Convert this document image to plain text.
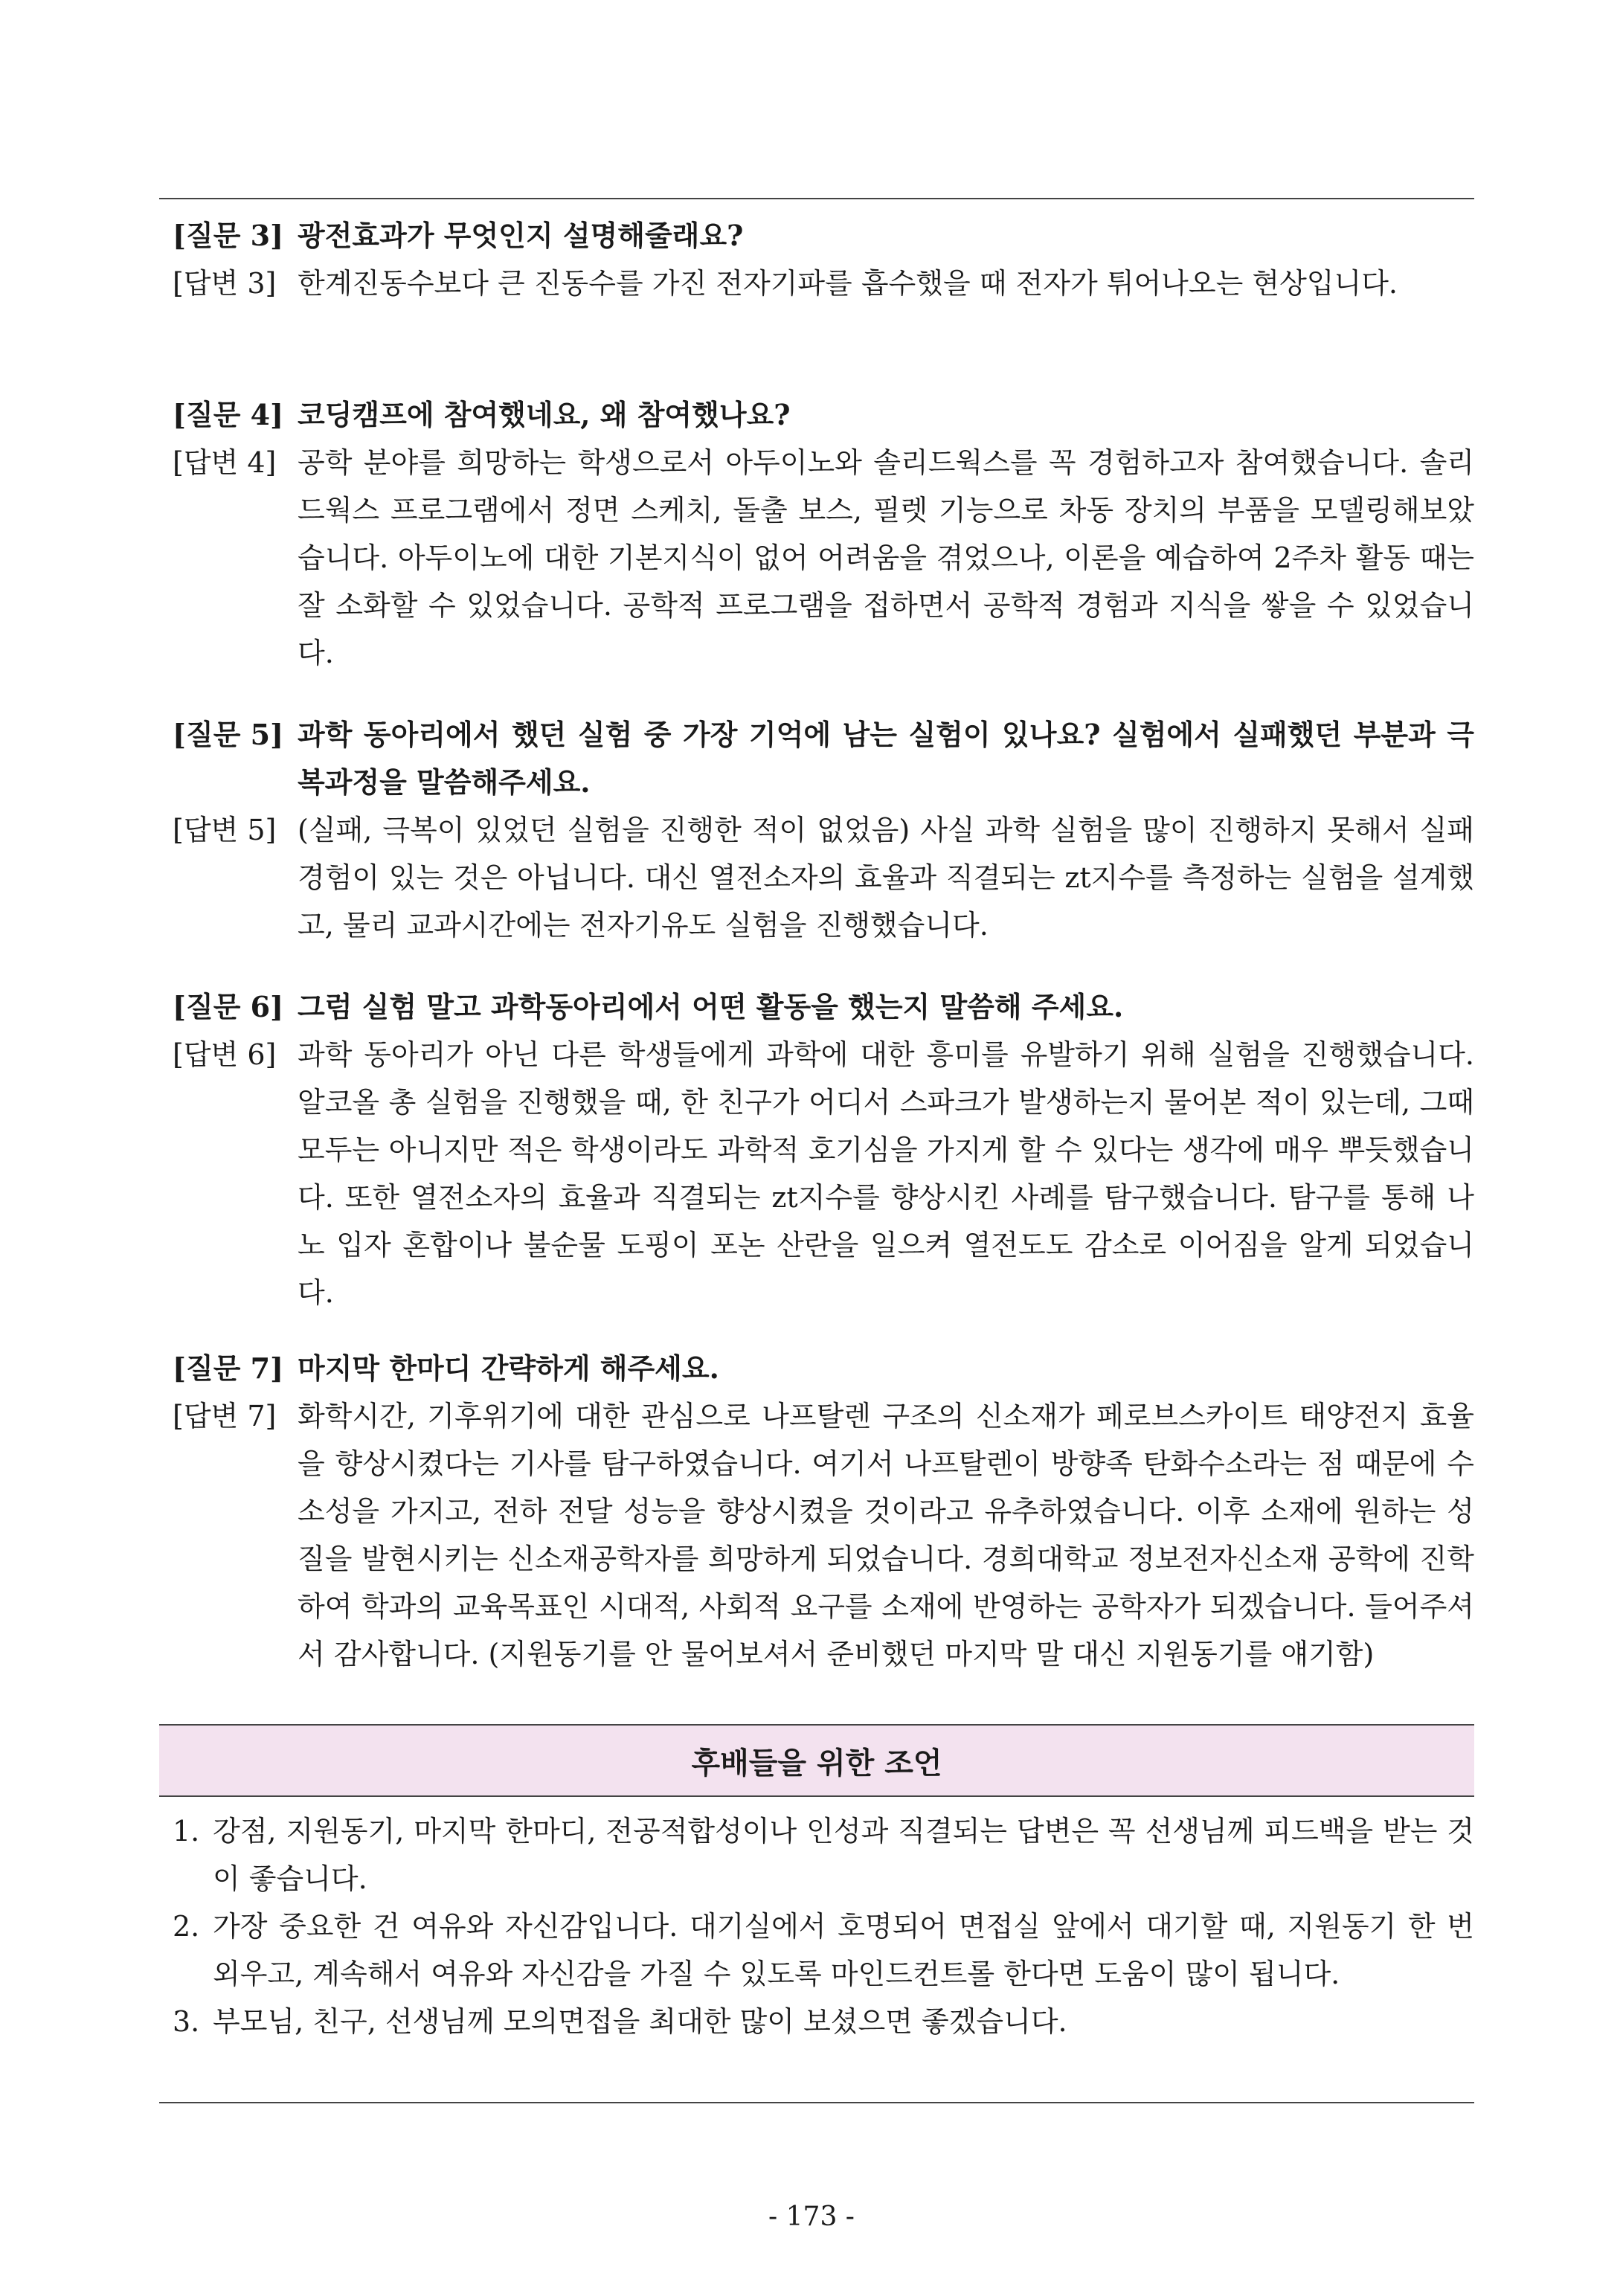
[질문 3] 광전효과가 무엇인지 설명해줄래요?
[답변 3] 한계진동수보다 큰 진동수를 가진 전자기파를 흡수했을 때 전자가 튀어나오는 현상입니다.
[질문 4] 코딩캠프에 참여했네요, 왜 참여했나요?
[답변 4] 공학 분야를 희망하는 학생으로서 아두이노와 솔리드웍스를 꼭 경험하고자 참여했습니다. 솔리드웍스 프로그램에서 정면 스케치, 돌출 보스, 필렛 기능으로 차동 장치의 부품을 모델링해보았습니다. 아두이노에 대한 기본지식이 없어 어려움을 겪었으나, 이론을 예습하여 2주차 활동 때는 잘 소화할 수 있었습니다. 공학적 프로그램을 접하면서 공학적 경험과 지식을 쌓을 수 있었습니다.
[질문 5] 과학 동아리에서 했던 실험 중 가장 기억에 남는 실험이 있나요? 실험에서 실패했던 부분과 극복과정을 말씀해주세요.
[답변 5] (실패, 극복이 있었던 실험을 진행한 적이 없었음) 사실 과학 실험을 많이 진행하지 못해서 실패 경험이 있는 것은 아닙니다. 대신 열전소자의 효율과 직결되는 zt지수를 측정하는 실험을 설계했고, 물리 교과시간에는 전자기유도 실험을 진행했습니다.
[질문 6] 그럼 실험 말고 과학동아리에서 어떤 활동을 했는지 말씀해 주세요.
[답변 6] 과학 동아리가 아닌 다른 학생들에게 과학에 대한 흥미를 유발하기 위해 실험을 진행했습니다. 알코올 총 실험을 진행했을 때, 한 친구가 어디서 스파크가 발생하는지 물어본 적이 있는데, 그때 모두는 아니지만 적은 학생이라도 과학적 호기심을 가지게 할 수 있다는 생각에 매우 뿌듯했습니다. 또한 열전소자의 효율과 직결되는 zt지수를 향상시킨 사례를 탐구했습니다. 탐구를 통해 나노 입자 혼합이나 불순물 도핑이 포논 산란을 일으켜 열전도도 감소로 이어짐을 알게 되었습니다.
[질문 7] 마지막 한마디 간략하게 해주세요.
[답변 7] 화학시간, 기후위기에 대한 관심으로 나프탈렌 구조의 신소재가 페로브스카이트 태양전지 효율을 향상시켰다는 기사를 탐구하였습니다. 여기서 나프탈렌이 방향족 탄화수소라는 점 때문에 수소성을 가지고, 전하 전달 성능을 향상시켰을 것이라고 유추하였습니다. 이후 소재에 원하는 성질을 발현시키는 신소재공학자를 희망하게 되었습니다. 경희대학교 정보전자신소재 공학에 진학하여 학과의 교육목표인 시대적, 사회적 요구를 소재에 반영하는 공학자가 되겠습니다. 들어주셔서 감사합니다. (지원동기를 안 물어보셔서 준비했던 마지막 말 대신 지원동기를 얘기함)
후배들을 위한 조언
1. 강점, 지원동기, 마지막 한마디, 전공적합성이나 인성과 직결되는 답변은 꼭 선생님께 피드백을 받는 것이 좋습니다.
2. 가장 중요한 건 여유와 자신감입니다. 대기실에서 호명되어 면접실 앞에서 대기할 때, 지원동기 한 번 외우고, 계속해서 여유와 자신감을 가질 수 있도록 마인드컨트롤 한다면 도움이 많이 됩니다.
3. 부모님, 친구, 선생님께 모의면접을 최대한 많이 보셨으면 좋겠습니다.
- 173 -
